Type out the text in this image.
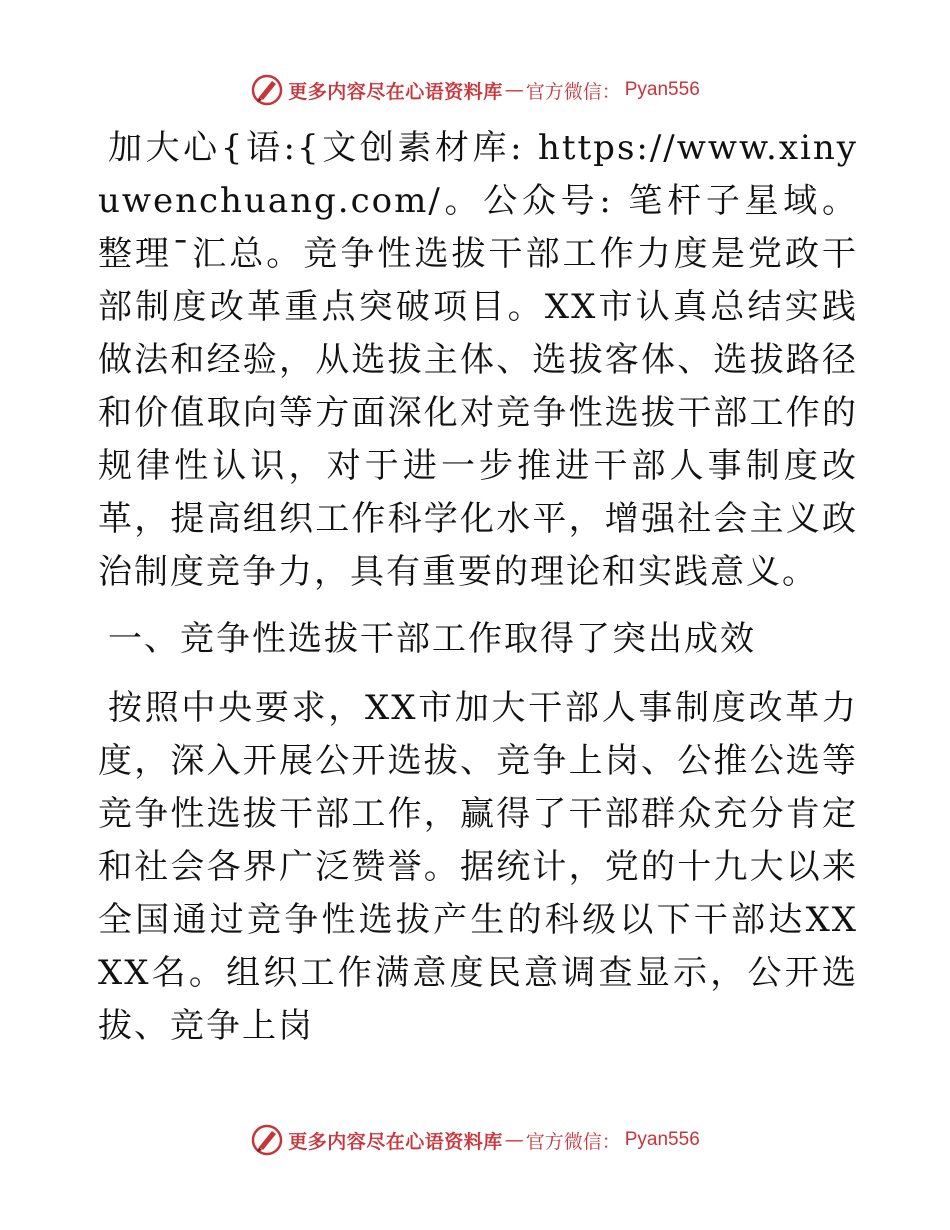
更多内容尽在心语资料库 — 官方微信： Pyan556

加大心{语:{文创素材库: https://www.xinyuwenchuang.com/。公众号: 笔杆子星域。整理¯汇总。竞争性选拔干部工作力度是党政干部制度改革重点突破项目。XX市认真总结实践做法和经验，从选拔主体、选拔客体、选拔路径和价值取向等方面深化对竞争性选拔干部工作的规律性认识，对于进一步推进干部人事制度改革，提高组织工作科学化水平，增强社会主义政治制度竞争力，具有重要的理论和实践意义。

一、竞争性选拔干部工作取得了突出成效

按照中央要求，XX市加大干部人事制度改革力度，深入开展公开选拔、竞争上岗、公推公选等竞争性选拔干部工作，赢得了干部群众充分肯定和社会各界广泛赞誉。据统计，党的十九大以来全国通过竞争性选拔产生的科级以下干部达XXXX名。组织工作满意度民意调查显示，公开选拔、竞争上岗

更多内容尽在心语资料库 — 官方微信： Pyan556
